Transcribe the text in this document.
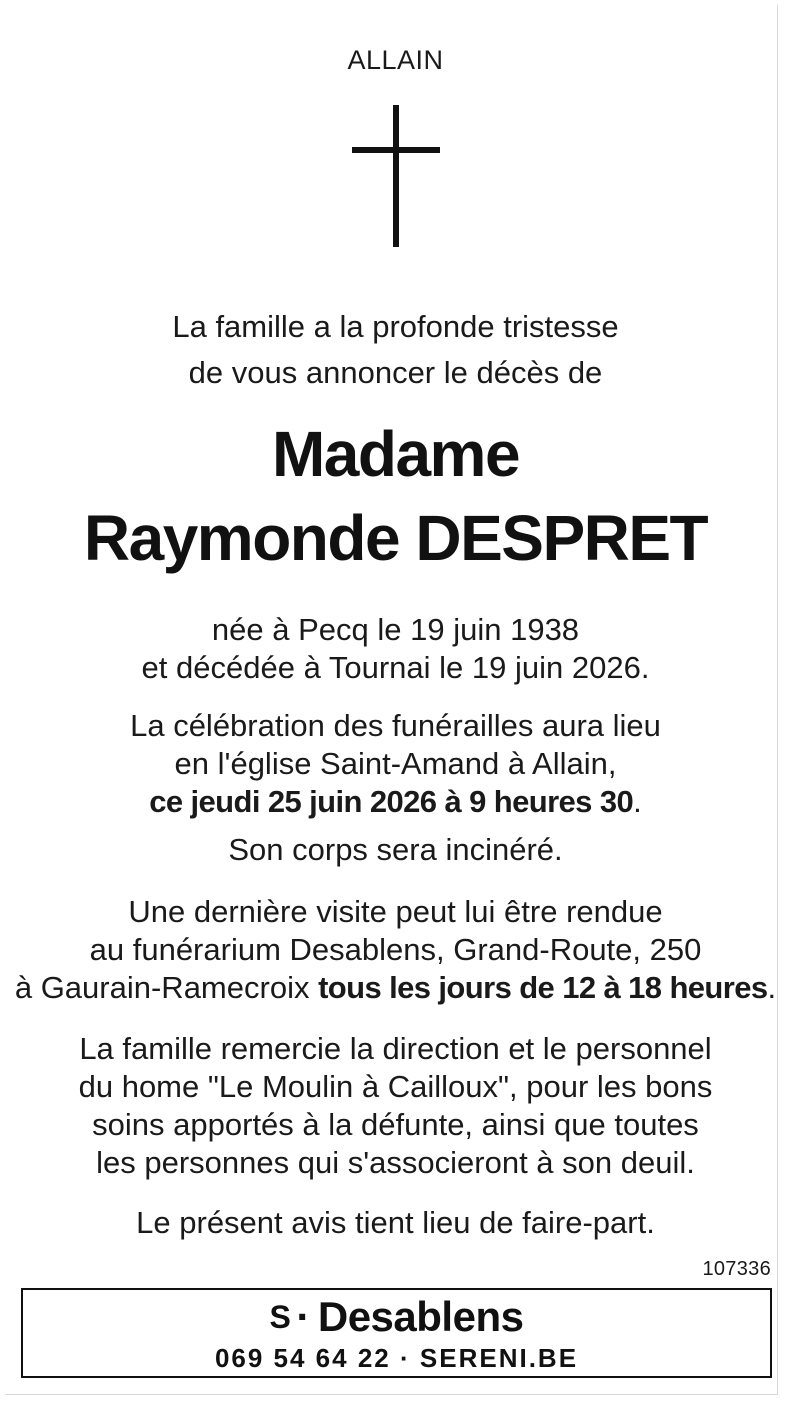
ALLAIN
La famille a la profonde tristesse
de vous annoncer le décès de
Madame
Raymonde DESPRET
née à Pecq le 19 juin 1938
et décédée à Tournai le 19 juin 2026.
La célébration des funérailles aura lieu
en l'église Saint-Amand à Allain,
ce jeudi 25 juin 2026 à 9 heures 30.
Son corps sera incinéré.
Une dernière visite peut lui être rendue
au funérarium Desablens, Grand-Route, 250
à Gaurain-Ramecroix tous les jours de 12 à 18 heures.
La famille remercie la direction et le personnel
du home "Le Moulin à Cailloux", pour les bons
soins apportés à la défunte, ainsi que toutes
les personnes qui s'associeront à son deuil.
Le présent avis tient lieu de faire-part.
107336
S · Desablens
069 54 64 22 · SERENI.BE
